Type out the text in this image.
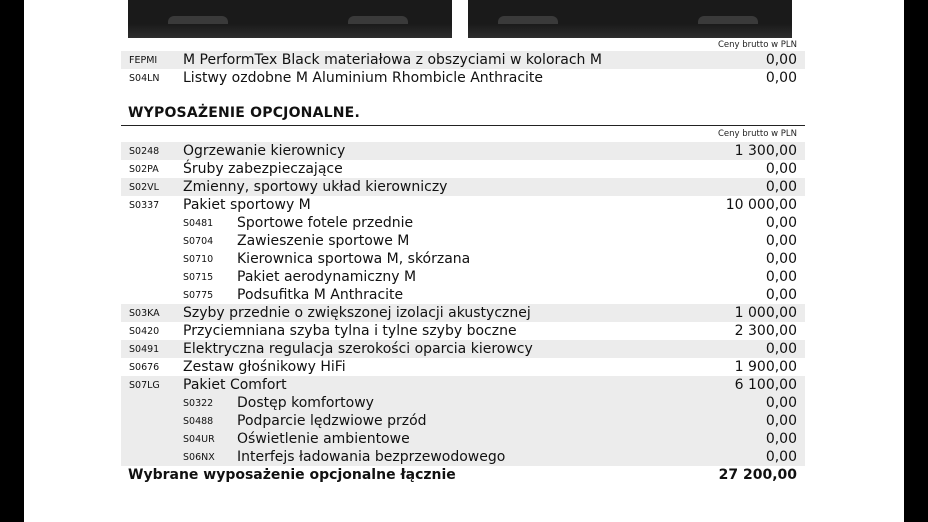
Ceny brutto w PLN
FEPMI M PerformTex Black materiałowa z obszyciami w kolorach M	0,00
S04LN Listwy ozdobne M Aluminium Rhombicle Anthracite	0,00
WYPOSAŻENIE OPCJONALNE.
Ceny brutto w PLN
S0248 Ogrzewanie kierownicy	1 300,00
S02PA Śruby zabezpieczające	0,00
S02VL Zmienny, sportowy układ kierowniczy	0,00
S0337 Pakiet sportowy M	10 000,00
S0481 Sportowe fotele przednie	0,00
S0704 Zawieszenie sportowe M	0,00
S0710 Kierownica sportowa M, skórzana	0,00
S0715 Pakiet aerodynamiczny M	0,00
S0775 Podsufitka M Anthracite	0,00
S03KA Szyby przednie o zwiększonej izolacji akustycznej	1 000,00
S0420 Przyciemniana szyba tylna i tylne szyby boczne	2 300,00
S0491 Elektryczna regulacja szerokości oparcia kierowcy	0,00
S0676 Zestaw głośnikowy HiFi	1 900,00
S07LG Pakiet Comfort	6 100,00
S0322 Dostęp komfortowy	0,00
S0488 Podparcie lędzwiowe przód	0,00
S04UR Oświetlenie ambientowe	0,00
S06NX Interfejs ładowania bezprzewodowego	0,00
Wybrane wyposażenie opcjonalne łącznie	27 200,00
